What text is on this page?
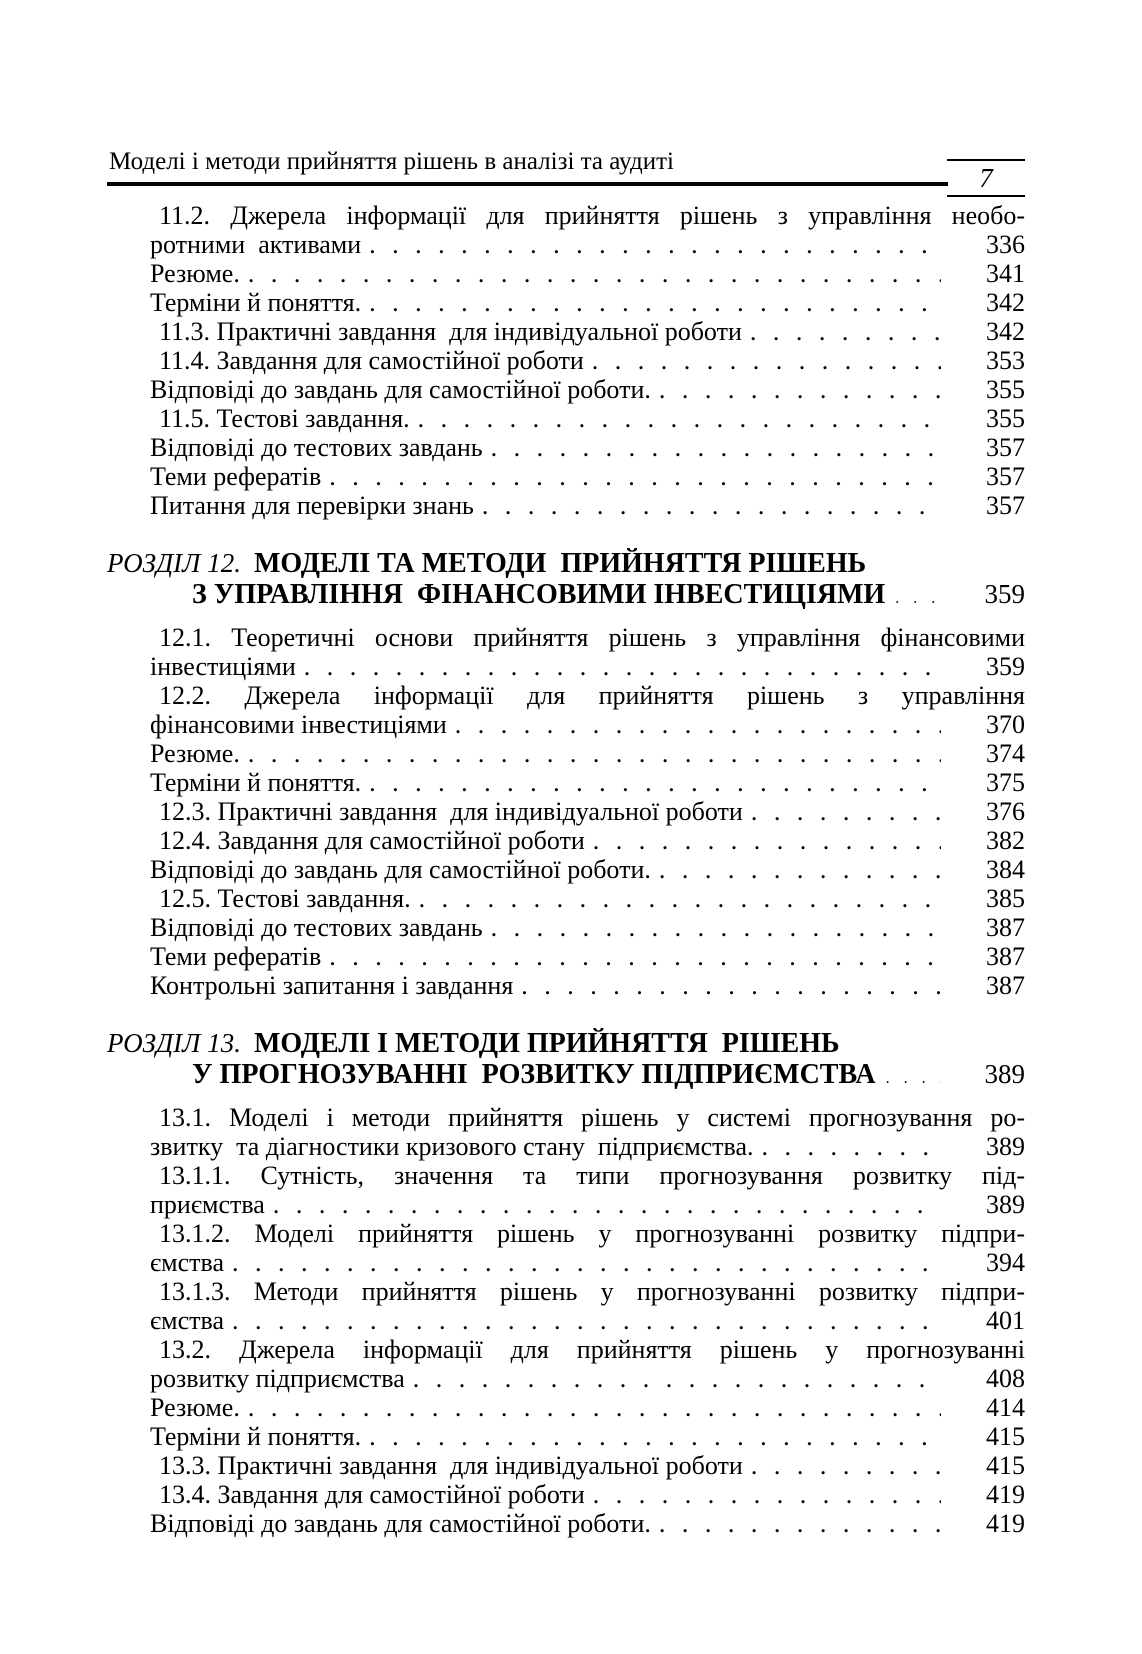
Моделі і методи прийняття рішень в аналізі та аудиті
7
11.2. Джерела інформації для прийняття рішень з управління необо-
ротними  активами . . .	336
Резюме. . . .	341
Терміни й поняття. . . .	342
11.3. Практичні завдання  для індивідуальної роботи . . .	342
11.4. Завдання для самостійної роботи . . .	353
Відповіді до завдань для самостійної роботи. . . .	355
11.5. Тестові завдання. . . .	355
Відповіді до тестових завдань . . .	357
Теми рефератів . . .	357
Питання для перевірки знань . . .	357
РОЗДІЛ 12. МОДЕЛІ ТА МЕТОДИ  ПРИЙНЯТТЯ РІШЕНЬ
З УПРАВЛІННЯ  ФІНАНСОВИМИ ІНВЕСТИЦІЯМИ . . .	359
12.1. Теоретичні основи прийняття рішень з управління фінансовими
інвестиціями . . .	359
12.2. Джерела інформації для прийняття рішень з управління
фінансовими інвестиціями . . .	370
Резюме. . . .	374
Терміни й поняття. . . .	375
12.3. Практичні завдання  для індивідуальної роботи . . .	376
12.4. Завдання для самостійної роботи . . .	382
Відповіді до завдань для самостійної роботи. . . .	384
12.5. Тестові завдання. . . .	385
Відповіді до тестових завдань . . .	387
Теми рефератів . . .	387
Контрольні запитання і завдання . . .	387
РОЗДІЛ 13. МОДЕЛІ І МЕТОДИ ПРИЙНЯТТЯ  РІШЕНЬ
У ПРОГНОЗУВАННІ  РОЗВИТКУ ПІДПРИЄМСТВА . . .	389
13.1. Моделі і методи прийняття рішень у системі прогнозування ро-
звитку  та діагностики кризового стану  підприємства. . . .	389
13.1.1. Сутність, значення та типи прогнозування розвитку під-
приємства . . .	389
13.1.2. Моделі прийняття рішень у прогнозуванні розвитку підпри-
ємства . . .	394
13.1.3. Методи прийняття рішень у прогнозуванні розвитку підпри-
ємства . . .	401
13.2. Джерела інформації для прийняття рішень у прогнозуванні
розвитку підприємства . . .	408
Резюме. . . .	414
Терміни й поняття. . . .	415
13.3. Практичні завдання  для індивідуальної роботи . . .	415
13.4. Завдання для самостійної роботи . . .	419
Відповіді до завдань для самостійної роботи. . . .	419
